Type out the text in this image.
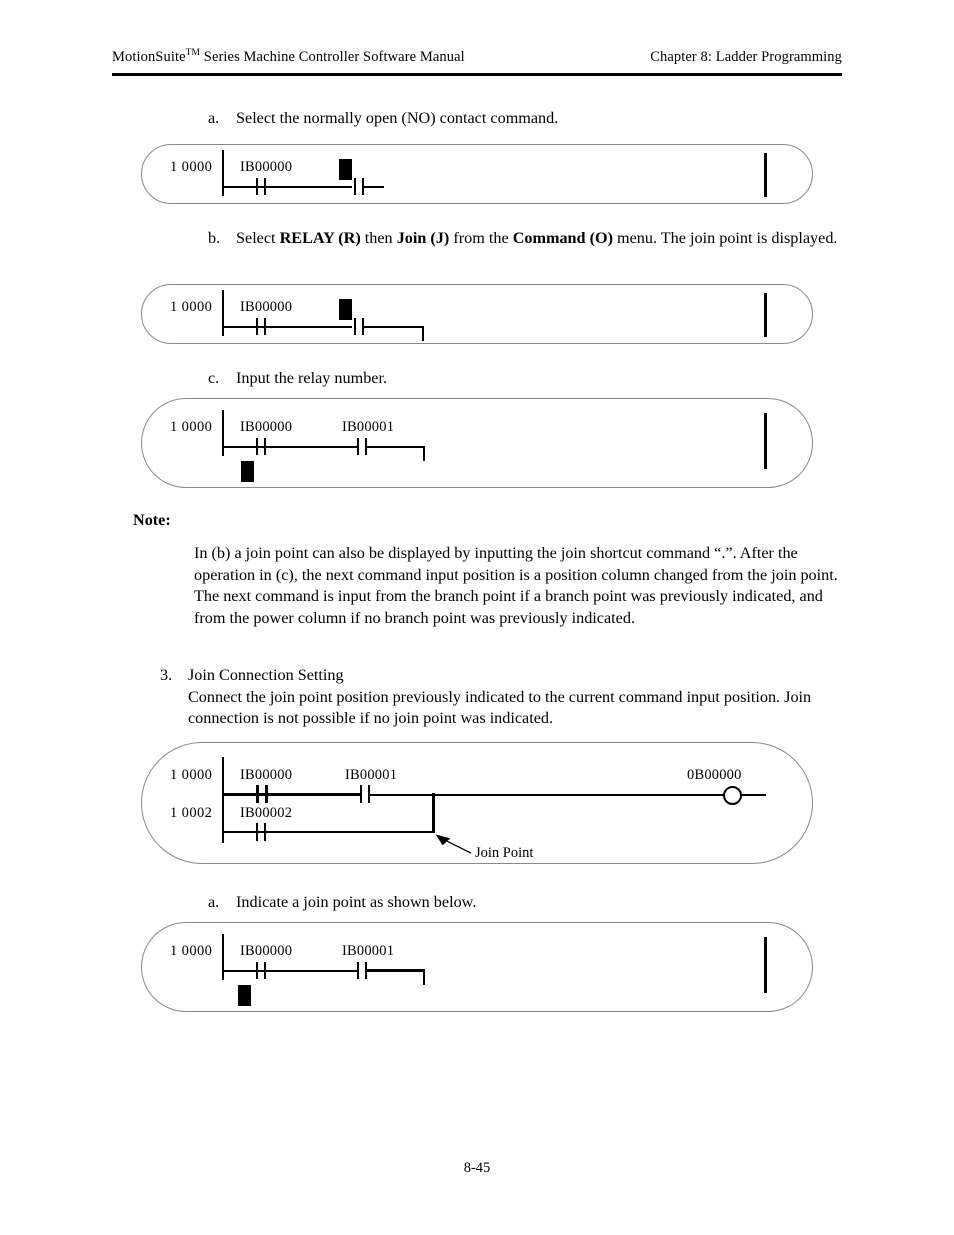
MotionSuite™ Series Machine Controller Software Manual	Chapter 8: Ladder Programming
a.	Select the normally open (NO) contact command.
1 0000 IB00000
b. Select RELAY (R) then Join (J) from the Command (O) menu. The join point is displayed.
1 0000 IB00000
c.	Input the relay number.
1 0000 IB00000	IB00001
Note:
In (b) a join point can also be displayed by inputting the join shortcut command “.”. After the operation in (c), the next command input position is a position column changed from the join point. The next command is input from the branch point if a branch point was previously indicated, and from the power column if no branch point was previously indicated.
3. Join Connection Setting
Connect the join point position previously indicated to the current command input position. Join connection is not possible if no join point was indicated.
1 0000 IB00000	IB00001	0B00000
1 0002 IB00002
Join Point
a.	Indicate a join point as shown below.
1 0000 IB00000	IB00001
8-45
